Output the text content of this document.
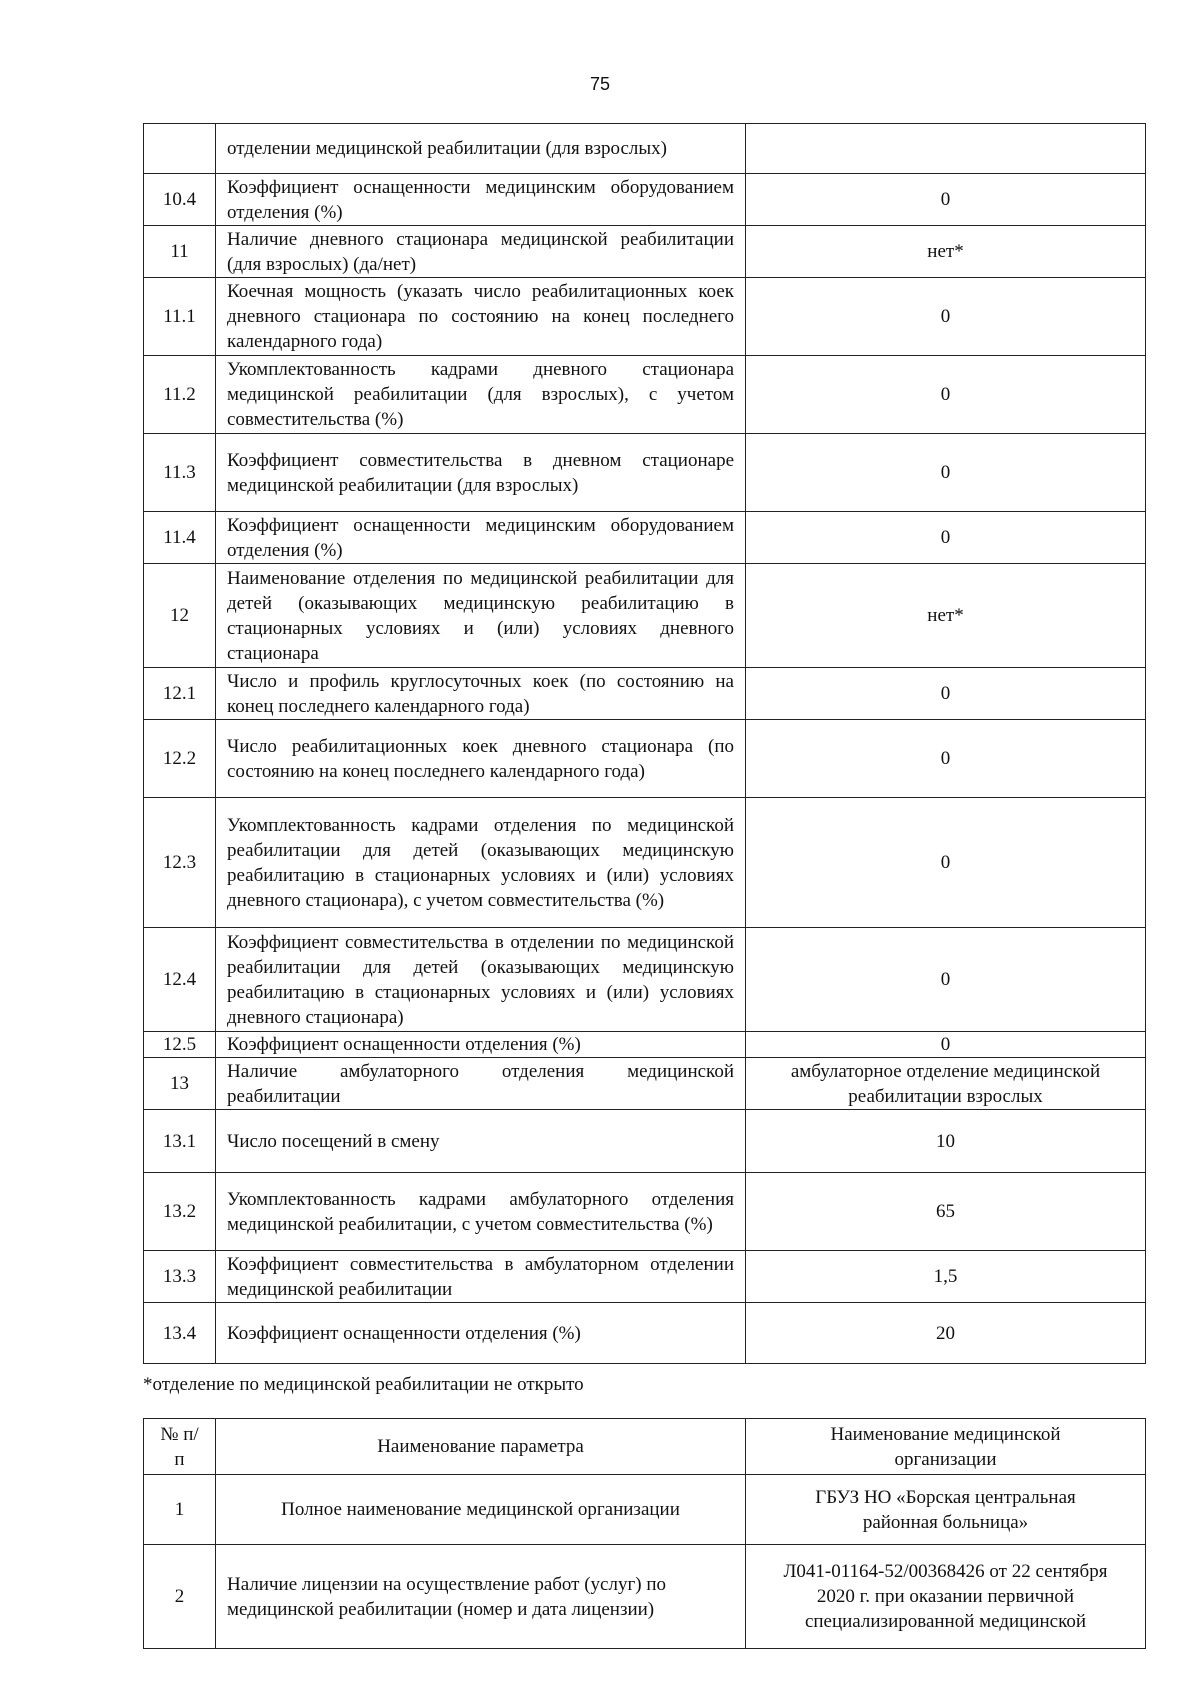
75
	отделении медицинской реабилитации (для взрослых)	
10.4	Коэффициент оснащенности медицинским оборудованием отделения (%)	0
11	Наличие дневного стационара медицинской реабилитации (для взрослых) (да/нет)	нет*
11.1	Коечная мощность (указать число реабилитационных коек дневного стационара по состоянию на конец последнего календарного года)	0
11.2	Укомплектованность кадрами дневного стационара медицинской реабилитации (для взрослых), с учетом совместительства (%)	0
11.3	Коэффициент совместительства в дневном стационаре медицинской реабилитации (для взрослых)	0
11.4	Коэффициент оснащенности медицинским оборудованием отделения (%)	0
12	Наименование отделения по медицинской реабилитации для детей (оказывающих медицинскую реабилитацию в стационарных условиях и (или) условиях дневного стационара	нет*
12.1	Число и профиль круглосуточных коек (по состоянию на конец последнего календарного года)	0
12.2	Число реабилитационных коек дневного стационара (по состоянию на конец последнего календарного года)	0
12.3	Укомплектованность кадрами отделения по медицинской реабилитации для детей (оказывающих медицинскую реабилитацию в стационарных условиях и (или) условиях дневного стационара), с учетом совместительства (%)	0
12.4	Коэффициент совместительства в отделении по медицинской реабилитации для детей (оказывающих медицинскую реабилитацию в стационарных условиях и (или) условиях дневного стационара)	0
12.5	Коэффициент оснащенности отделения (%)	0
13	Наличие амбулаторного отделения медицинской реабилитации	амбулаторное отделение медицинской реабилитации взрослых
13.1	Число посещений в смену	10
13.2	Укомплектованность кадрами амбулаторного отделения медицинской реабилитации, с учетом совместительства (%)	65
13.3	Коэффициент совместительства в амбулаторном отделении медицинской реабилитации	1,5
13.4	Коэффициент оснащенности отделения (%)	20
*отделение по медицинской реабилитации не открыто
№ п/п	Наименование параметра	Наименование медицинской организации
1	Полное наименование медицинской организации	ГБУЗ НО «Борская центральная районная больница»
2	Наличие лицензии на осуществление работ (услуг) по медицинской реабилитации (номер и дата лицензии)	Л041-01164-52/00368426 от 22 сентября 2020 г. при оказании первичной специализированной медицинской
